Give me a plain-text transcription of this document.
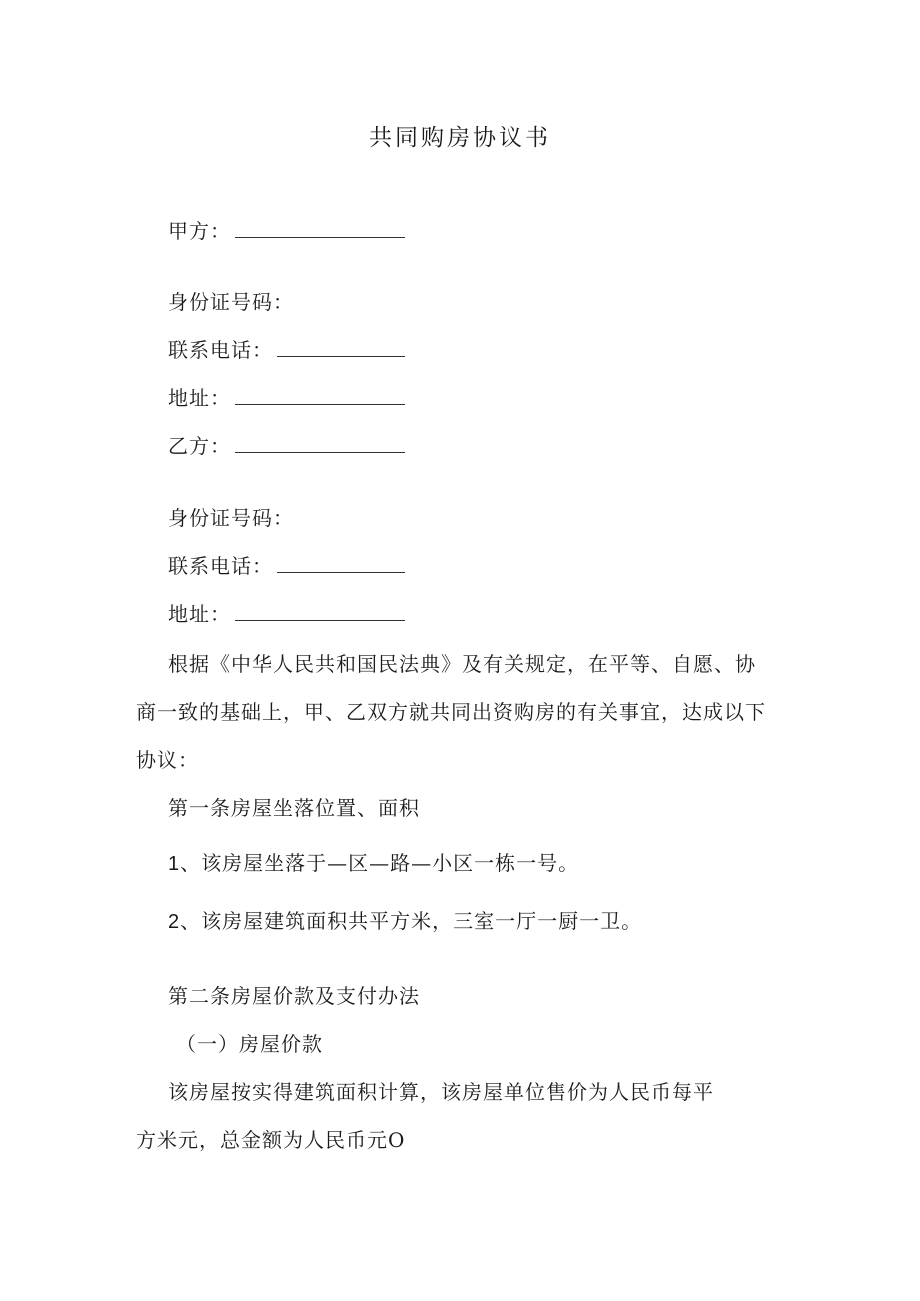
共同购房协议书
甲方：
身份证号码：
联系电话：
地址：
乙方：
身份证号码：
联系电话：
地址：
根据《中华人民共和国民法典》及有关规定，在平等、自愿、协
商一致的基础上，甲、乙双方就共同出资购房的有关事宜，达成以下
协议：
第一条房屋坐落位置、面积
1、该房屋坐落于—区—路—小区一栋一号。
2、该房屋建筑面积共平方米，三室一厅一厨一卫。
第二条房屋价款及支付办法
（一）房屋价款
该房屋按实得建筑面积计算，该房屋单位售价为人民币每平
方米元，总金额为人民币元O
